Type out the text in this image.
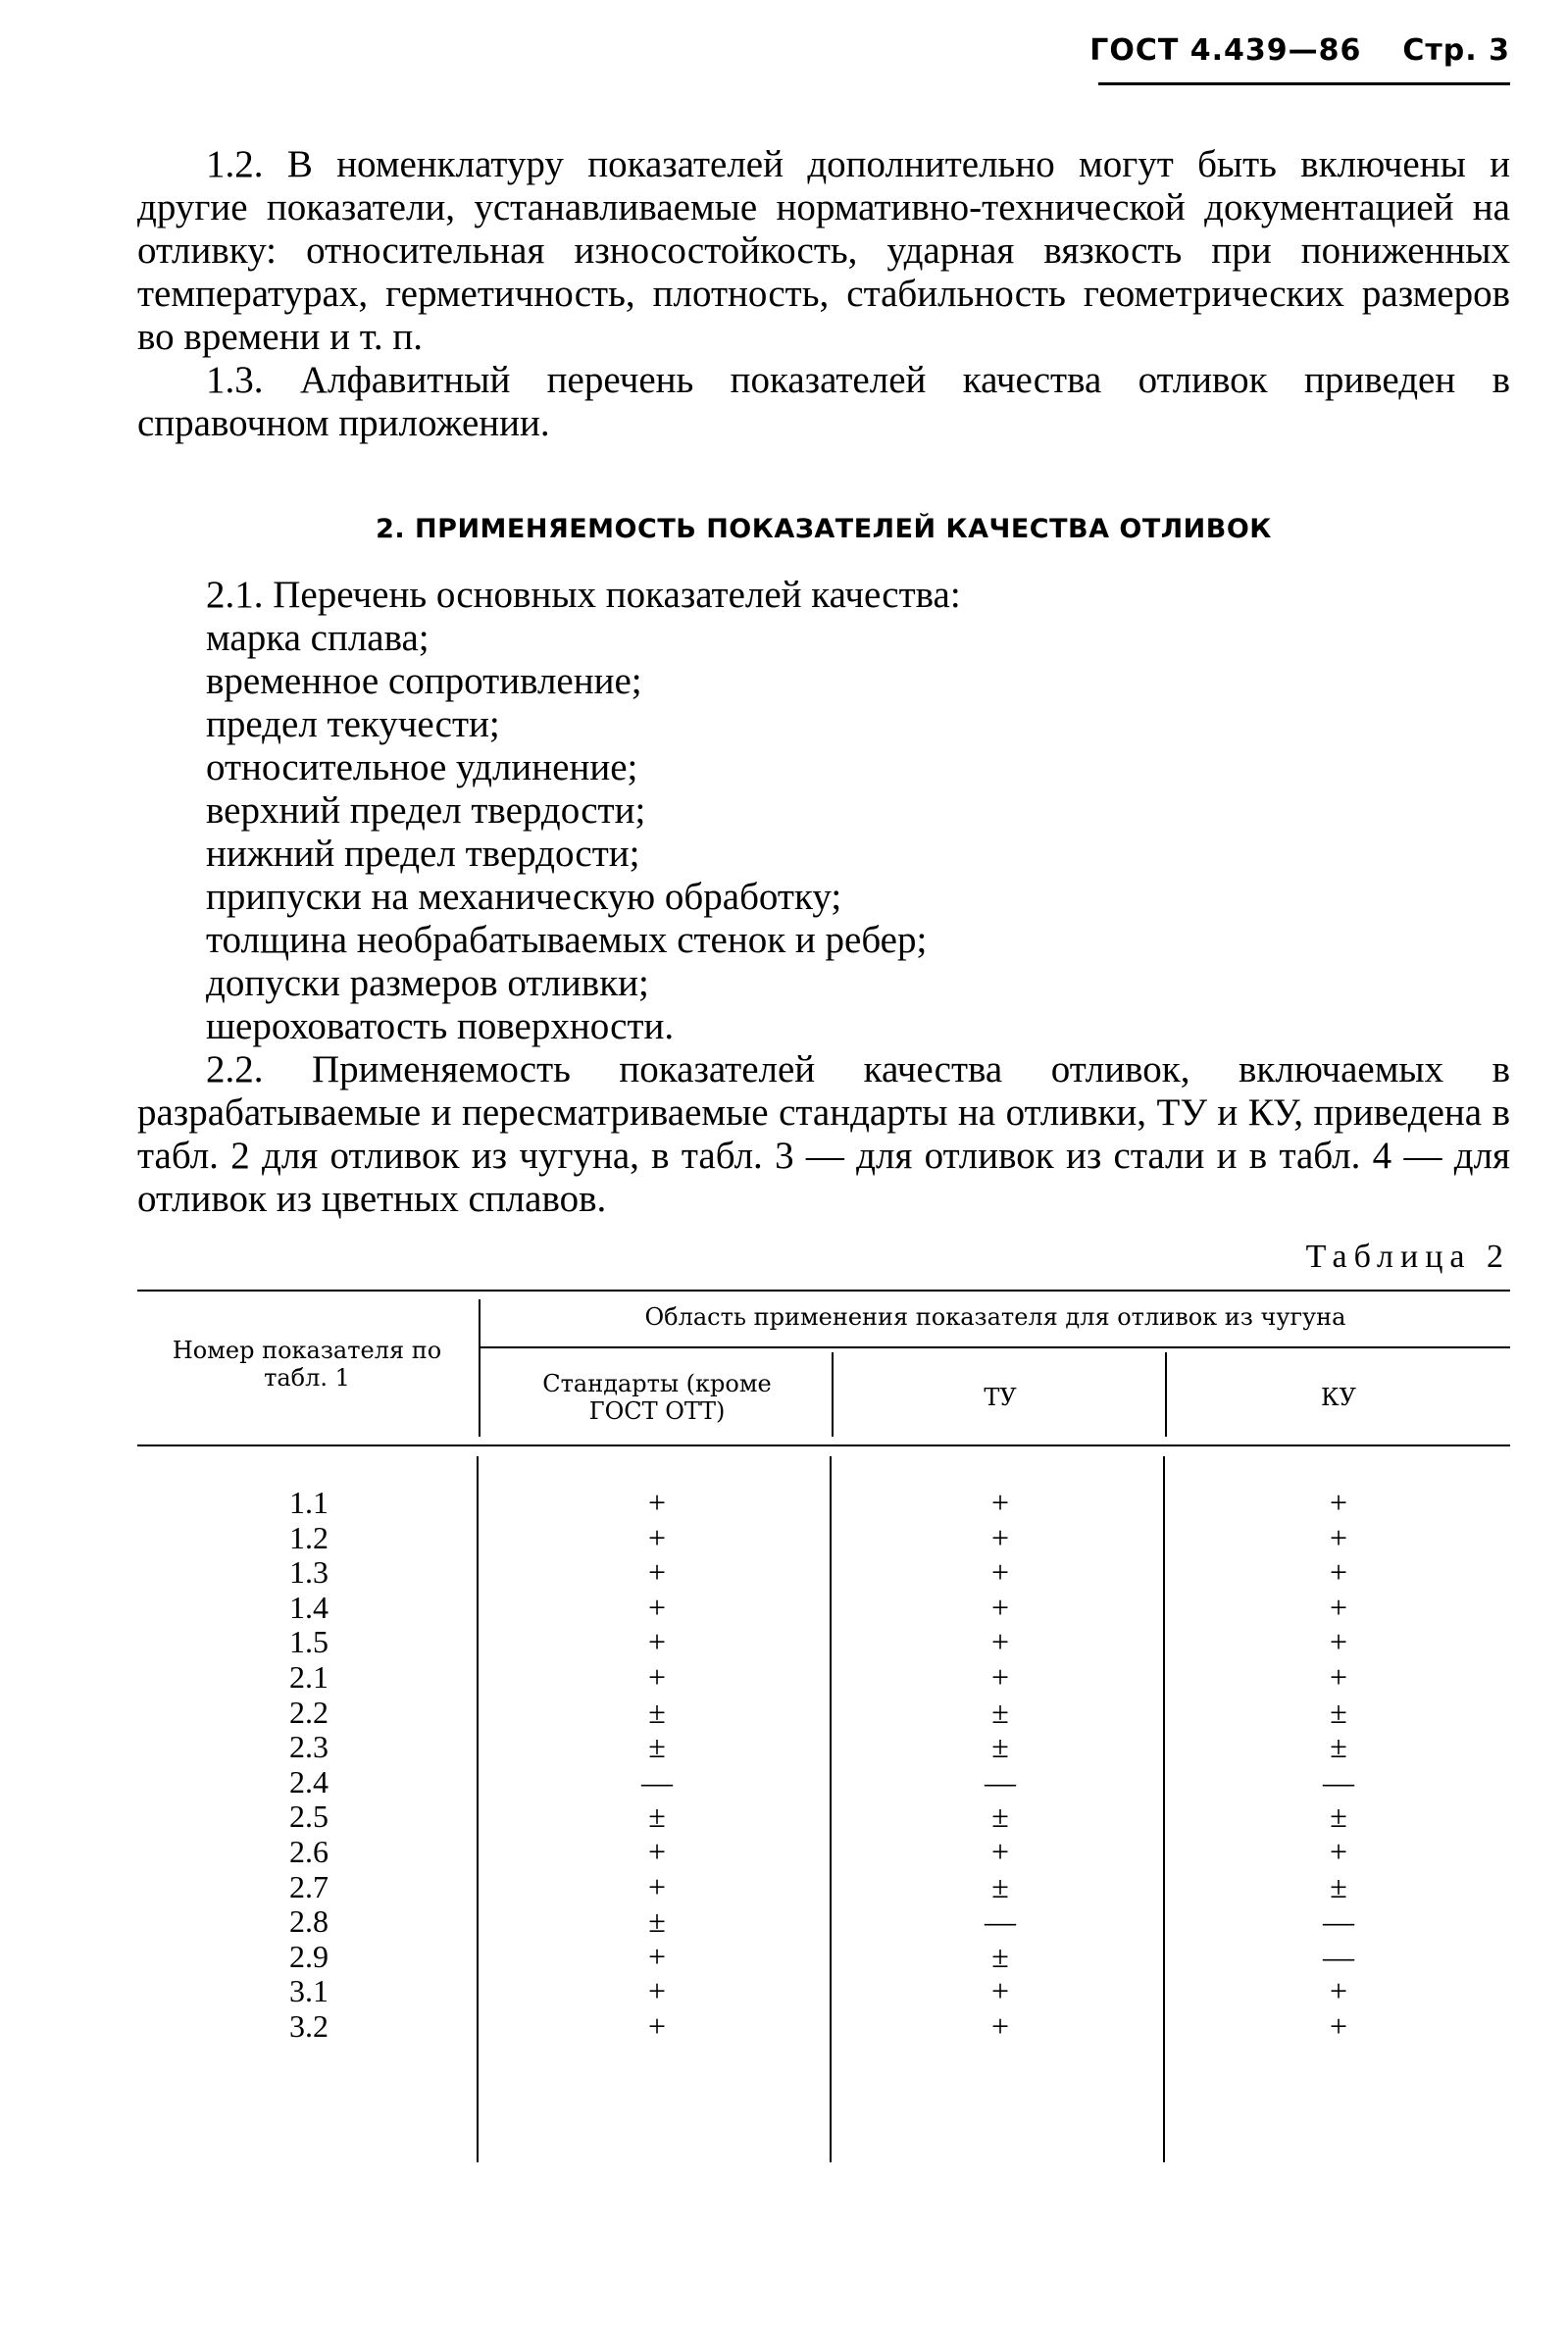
ГОСТ 4.439—86 Стр. 3

1.2. В номенклатуру показателей дополнительно могут быть включены и другие показатели, устанавливаемые нормативно-технической документацией на отливку: относительная износостойкость, ударная вязкость при пониженных температурах, герметичность, плотность, стабильность геометрических размеров во времени и т. п.

1.3. Алфавитный перечень показателей качества отливок приведен в справочном приложении.

2. ПРИМЕНЯЕМОСТЬ ПОКАЗАТЕЛЕЙ КАЧЕСТВА ОТЛИВОК

2.1. Перечень основных показателей качества:

марка сплава;
временное сопротивление;
предел текучести;
относительное удлинение;
верхний предел твердости;
нижний предел твердости;
припуски на механическую обработку;
толщина необрабатываемых стенок и ребер;
допуски размеров отливки;
шероховатость поверхности.

2.2. Применяемость показателей качества отливок, включаемых в разрабатываемые и пересматриваемые стандарты на отливки, ТУ и КУ, приведена в табл. 2 для отливок из чугуна, в табл. 3 — для отливок из стали и в табл. 4 — для отливок из цветных сплавов.

Таблица 2
Номер показателя по табл. 1
Область применения показателя для отливок из чугуна
Стандарты (кроме ГОСТ ОТТ)	ТУ	КУ
1.1	+	+	+
1.2	+	+	+
1.3	+	+	+
1.4	+	+	+
1.5	+	+	+
2.1	+	+	+
2.2	±	±	±
2.3	±	±	±
2.4	—	—	—
2.5	±	±	±
2.6	+	+	+
2.7	+	±	±
2.8	±	—	—
2.9	+	±	—
3.1	+	+	+
3.2	+	+	+
